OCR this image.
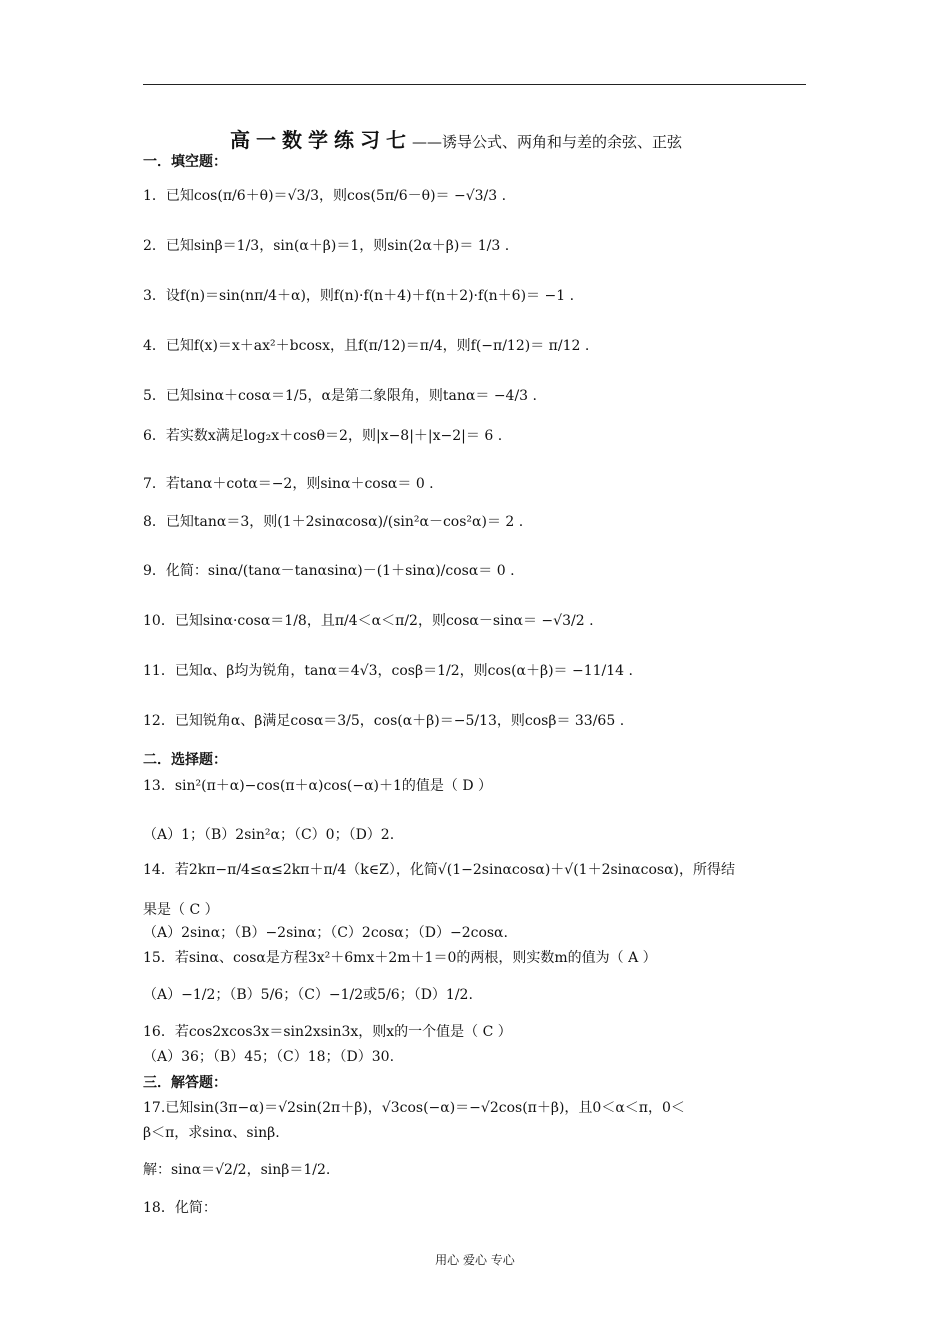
高一数学练习七——诱导公式、两角和与差的余弦、正弦
一．填空题：
二．选择题：
三．解答题：
1．已知cos(π/6＋θ)＝√3/3，则cos(5π/6－θ)＝ −√3/3 .
2．已知sinβ＝1/3，sin(α＋β)＝1，则sin(2α＋β)＝ 1/3 .
3．设f(n)＝sin(nπ/4＋α)，则f(n)·f(n＋4)＋f(n＋2)·f(n＋6)＝ −1 .
4．已知f(x)＝x＋ax²＋bcosx，且f(π/12)＝π/4，则f(−π/12)＝ π/12 .
5．已知sinα＋cosα＝1/5，α是第二象限角，则tanα＝ −4/3 .
6．若实数x满足log₂x＋cosθ＝2，则|x−8|＋|x−2|＝ 6 .
7．若tanα＋cotα＝−2，则sinα＋cosα＝ 0 .
8．已知tanα＝3，则(1＋2sinαcosα)/(sin²α－cos²α)＝ 2 .
9．化简：sinα/(tanα－tanαsinα)－(1＋sinα)/cosα＝ 0 .
10．已知sinα·cosα＝1/8，且π/4＜α＜π/2，则cosα－sinα＝ −√3/2 .
11．已知α、β均为锐角，tanα＝4√3，cosβ＝1/2，则cos(α＋β)＝ −11/14 .
12．已知锐角α、β满足cosα＝3/5，cos(α＋β)＝−5/13，则cosβ＝ 33/65 .
13．sin²(π＋α)−cos(π＋α)cos(−α)＋1的值是（ D ）
（A）1；（B）2sin²α；（C）0；（D）2.
14．若2kπ−π/4≤α≤2kπ＋π/4（k∈Z），化简√(1−2sinαcosα)＋√(1＋2sinαcosα)，所得结
果是（ C ）
（A）2sinα；（B）−2sinα；（C）2cosα；（D）−2cosα.
15．若sinα、cosα是方程3x²＋6mx＋2m＋1＝0的两根，则实数m的值为（ A ）
（A）−1/2；（B）5/6；（C）−1/2或5/6；（D）1/2.
16．若cos2xcos3x＝sin2xsin3x，则x的一个值是（ C ）
（A）36；（B）45；（C）18；（D）30.
17.已知sin(3π−α)＝√2sin(2π＋β)，√3cos(−α)＝−√2cos(π＋β)，且0＜α＜π，0＜
β＜π，求sinα、sinβ.
解：sinα＝√2/2，sinβ＝1/2.
18．化简：
用心 爱心 专心
